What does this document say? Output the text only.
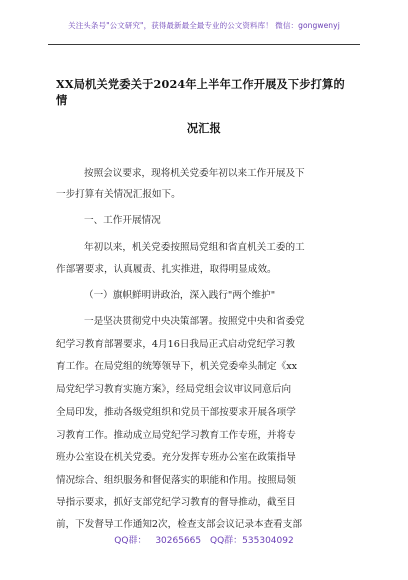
关注头条号"公文研究"，获得最新最全最专业的公文资料库！ 微信：gongwenyj
XX局机关党委关于2024年上半年工作开展及下步打算的情
况汇报
按照会议要求，现将机关党委年初以来工作开展及下
一步打算有关情况汇报如下。
一、工作开展情况
年初以来，机关党委按照局党组和省直机关工委的工
作部署要求，认真履责、扎实推进，取得明显成效。
（一）旗帜鲜明讲政治，深入践行"两个维护"
一是坚决贯彻党中央决策部署。按照党中央和省委党
纪学习教育部署要求，4月16日我局正式启动党纪学习教
育工作。在局党组的统筹领导下，机关党委牵头制定《xx
局党纪学习教育实施方案》，经局党组会议审议同意后向
全局印发，推动各级党组织和党员干部按要求开展各项学
习教育工作。推动成立局党纪学习教育工作专班，并将专
班办公室设在机关党委。充分发挥专班办公室在政策指导
情况综合、组织服务和督促落实的职能和作用。按照局领
导指示要求，抓好支部党纪学习教育的督导推动，截至目
前，下发督导工作通知2次，检查支部会议记录本查看支部
QQ群： 30265665 QQ群：535304092
